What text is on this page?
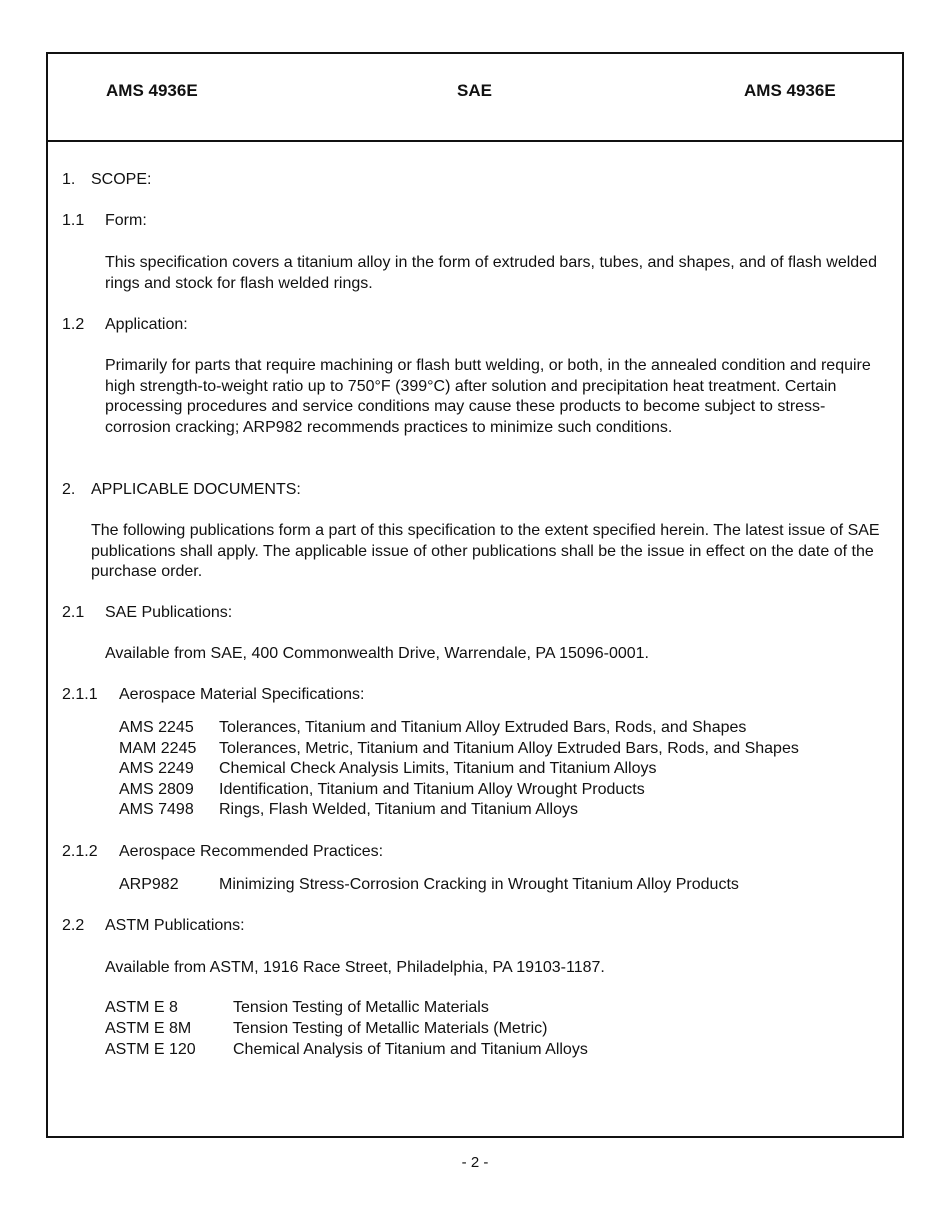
AMS 4936E	SAE	AMS 4936E
1. SCOPE:
1.1 Form:
This specification covers a titanium alloy in the form of extruded bars, tubes, and shapes, and of flash welded rings and stock for flash welded rings.
1.2 Application:
Primarily for parts that require machining or flash butt welding, or both, in the annealed condition and require high strength-to-weight ratio up to 750°F (399°C) after solution and precipitation heat treatment. Certain processing procedures and service conditions may cause these products to become subject to stress-corrosion cracking; ARP982 recommends practices to minimize such conditions.
2. APPLICABLE DOCUMENTS:
The following publications form a part of this specification to the extent specified herein. The latest issue of SAE publications shall apply. The applicable issue of other publications shall be the issue in effect on the date of the purchase order.
2.1 SAE Publications:
Available from SAE, 400 Commonwealth Drive, Warrendale, PA 15096-0001.
2.1.1 Aerospace Material Specifications:
AMS 2245 Tolerances, Titanium and Titanium Alloy Extruded Bars, Rods, and Shapes
MAM 2245 Tolerances, Metric, Titanium and Titanium Alloy Extruded Bars, Rods, and Shapes
AMS 2249 Chemical Check Analysis Limits, Titanium and Titanium Alloys
AMS 2809 Identification, Titanium and Titanium Alloy Wrought Products
AMS 7498 Rings, Flash Welded, Titanium and Titanium Alloys
2.1.2 Aerospace Recommended Practices:
ARP982	Minimizing Stress-Corrosion Cracking in Wrought Titanium Alloy Products
2.2 ASTM Publications:
Available from ASTM, 1916 Race Street, Philadelphia, PA 19103-1187.
ASTM E 8	Tension Testing of Metallic Materials
ASTM E 8M	Tension Testing of Metallic Materials (Metric)
ASTM E 120 Chemical Analysis of Titanium and Titanium Alloys
- 2 -
